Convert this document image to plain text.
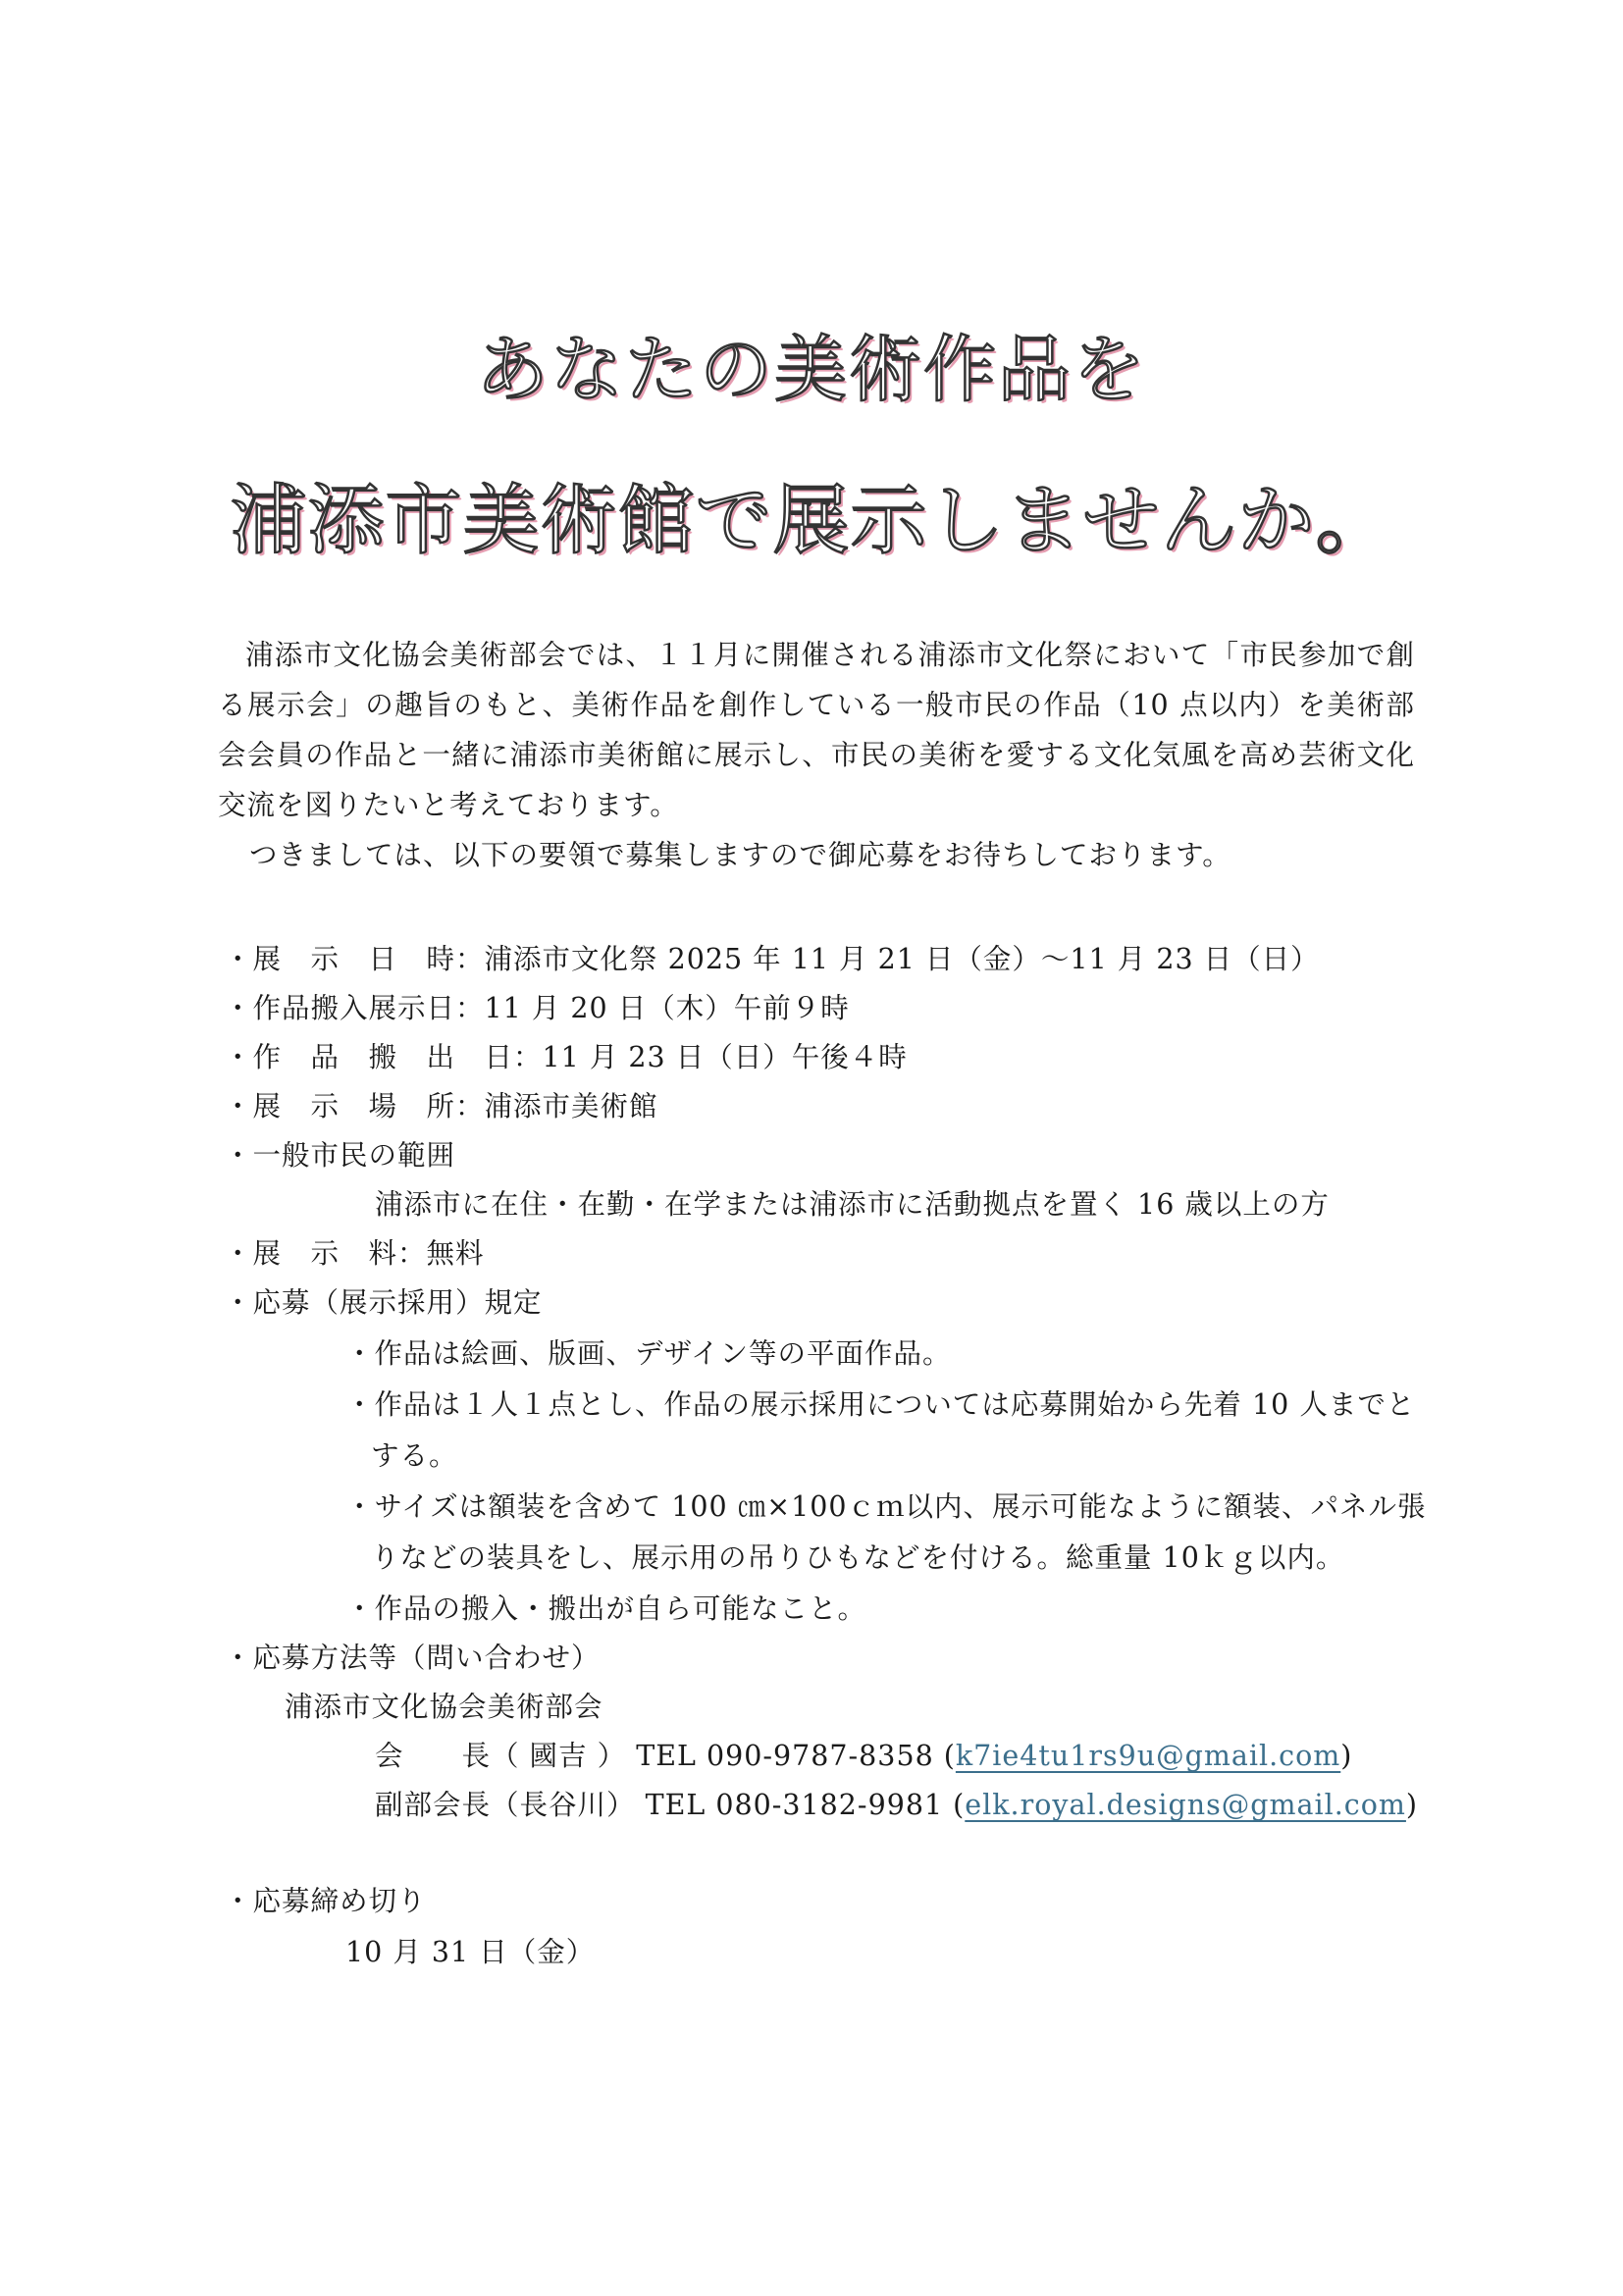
あなたの美術作品を
浦添市美術館で展示しませんか。

浦添市文化協会美術部会では、１１月に開催される浦添市文化祭において「市民参加で創る展示会」の趣旨のもと、美術作品を創作している一般市民の作品（10 点以内）を美術部会会員の作品と一緒に浦添市美術館に展示し、市民の美術を愛する文化気風を高め芸術文化交流を図りたいと考えております。

つきましては、以下の要領で募集しますので御応募をお待ちしております。

・展　示　日　時：浦添市文化祭 2025 年 11 月 21 日（金）〜11 月 23 日（日）
・作品搬入展示日：11 月 20 日（木）午前９時
・作　品　搬　出　日：11 月 23 日（日）午後４時
・展　示　場　所：浦添市美術館
・一般市民の範囲
浦添市に在住・在勤・在学または浦添市に活動拠点を置く 16 歳以上の方
・展　示　料：無料
・応募（展示採用）規定
・作品は絵画、版画、デザイン等の平面作品。
・作品は１人１点とし、作品の展示採用については応募開始から先着 10 人までと
する。
・サイズは額装を含めて 100 ㎝×100ｃｍ以内、展示可能なように額装、パネル張
りなどの装具をし、展示用の吊りひもなどを付ける。総重量 10ｋｇ以内。
・作品の搬入・搬出が自ら可能なこと。
・応募方法等（問い合わせ）
浦添市文化協会美術部会
会　　長（ 國吉 ） TEL 090-9787-8358 (k7ie4tu1rs9u@gmail.com)
副部会長（長谷川） TEL 080-3182-9981 (elk.royal.designs@gmail.com)
・応募締め切り
10 月 31 日（金）
